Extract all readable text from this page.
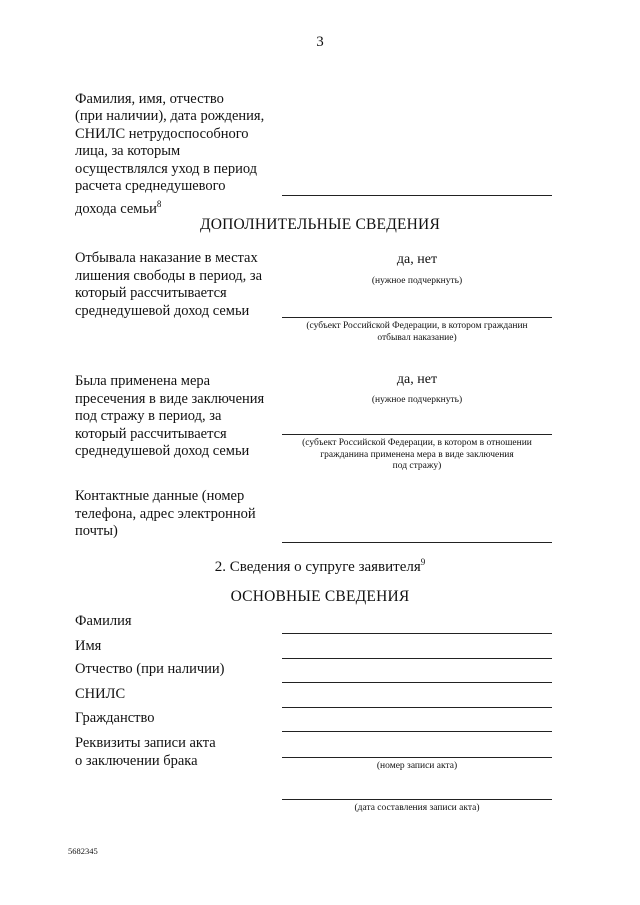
3

Фамилия, имя, отчество
(при наличии), дата рождения,
СНИЛС нетрудоспособного
лица, за которым
осуществлялся уход в период
расчета среднедушевого
дохода семьи$^8$

ДОПОЛНИТЕЛЬНЫЕ СВЕДЕНИЯ
Отбывала наказание в местах
лишения свободы в период, за
который рассчитывается
среднедушевой доход семьи
да, нет
(нужное подчеркнуть)
(субъект Российской Федерации, в котором гражданин
отбывал наказание)
Была применена мера
пресечения в виде заключения
под стражу в период, за
который рассчитывается
среднедушевой доход семьи
да, нет
(нужное подчеркнуть)
(субъект Российской Федерации, в котором в отношении
гражданина применена мера в виде заключения
под стражу)
Контактные данные (номер
телефона, адрес электронной
почты)
2. Сведения о супруге заявителя$^9$
ОСНОВНЫЕ СВЕДЕНИЯ
Фамилия
Имя
Отчество (при наличии)
СНИЛС
Гражданство
Реквизиты записи акта
о заключении брака	(номер записи акта)
(дата составления записи акта)
5682345
